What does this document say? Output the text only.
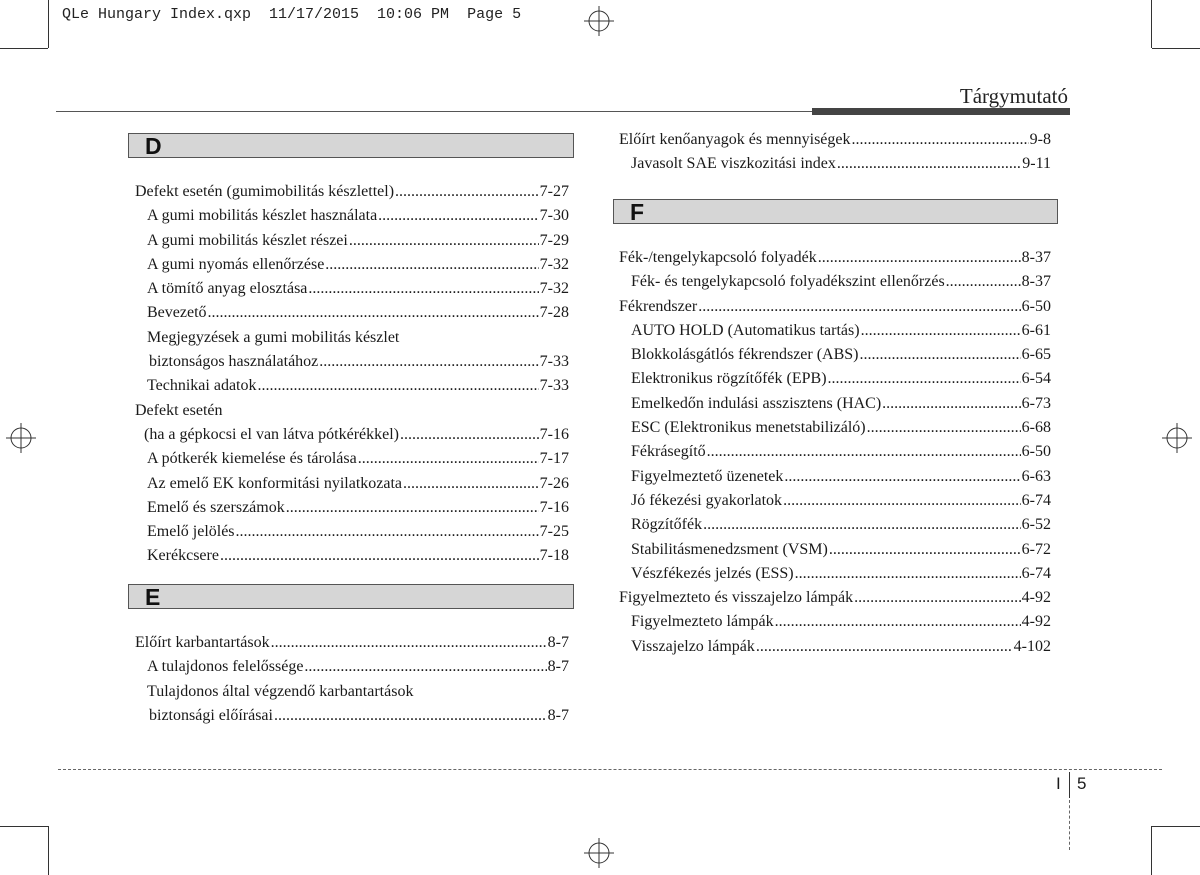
QLe Hungary Index.qxp  11/17/2015  10:06 PM  Page 5
Tárgymutató
D
E
F
Defekt esetén (gumimobilitás készlettel) .....	7-27
A gumi mobilitás készlet használata .....	7-30
A gumi mobilitás készlet részei .....	7-29
A gumi nyomás ellenőrzése .....	7-32
A tömítő anyag elosztása .....	7-32
Bevezető .....	7-28
Megjegyzések a gumi mobilitás készlet
biztonságos használatához .....	7-33
Technikai adatok .....	7-33
Defekt esetén
(ha a gépkocsi el van látva pótkérékkel) .....	7-16
A pótkerék kiemelése és tárolása .....	7-17
Az emelő EK konformitási nyilatkozata .....	7-26
Emelő és szerszámok .....	7-16
Emelő jelölés .....	7-25
Kerékcsere .....	7-18
Előírt karbantartások .....	8-7
A tulajdonos felelőssége .....	8-7
Tulajdonos által végzendő karbantartások
biztonsági előírásai .....	8-7
Előírt kenőanyagok és mennyiségek .....	9-8
Javasolt SAE viszkozitási index .....	9-11
Fék-/tengelykapcsoló folyadék .....	8-37
Fék- és tengelykapcsoló folyadékszint ellenőrzés .....	8-37
Fékrendszer .....	6-50
AUTO HOLD (Automatikus tartás) .....	6-61
Blokkolásgátlós fékrendszer (ABS) .....	6-65
Elektronikus rögzítőfék (EPB) .....	6-54
Emelkedőn indulási asszisztens (HAC) .....	6-73
ESC (Elektronikus menetstabilizáló) .....	6-68
Fékrásegítő .....	6-50
Figyelmeztető üzenetek .....	6-63
Jó fékezési gyakorlatok .....	6-74
Rögzítőfék .....	6-52
Stabilitásmenedzsment (VSM) .....	6-72
Vészfékezés jelzés (ESS) .....	6-74
Figyelmezteto és visszajelzo lámpák .....	4-92
Figyelmezteto lámpák .....	4-92
Visszajelzo lámpák .....	4-102
I 5
